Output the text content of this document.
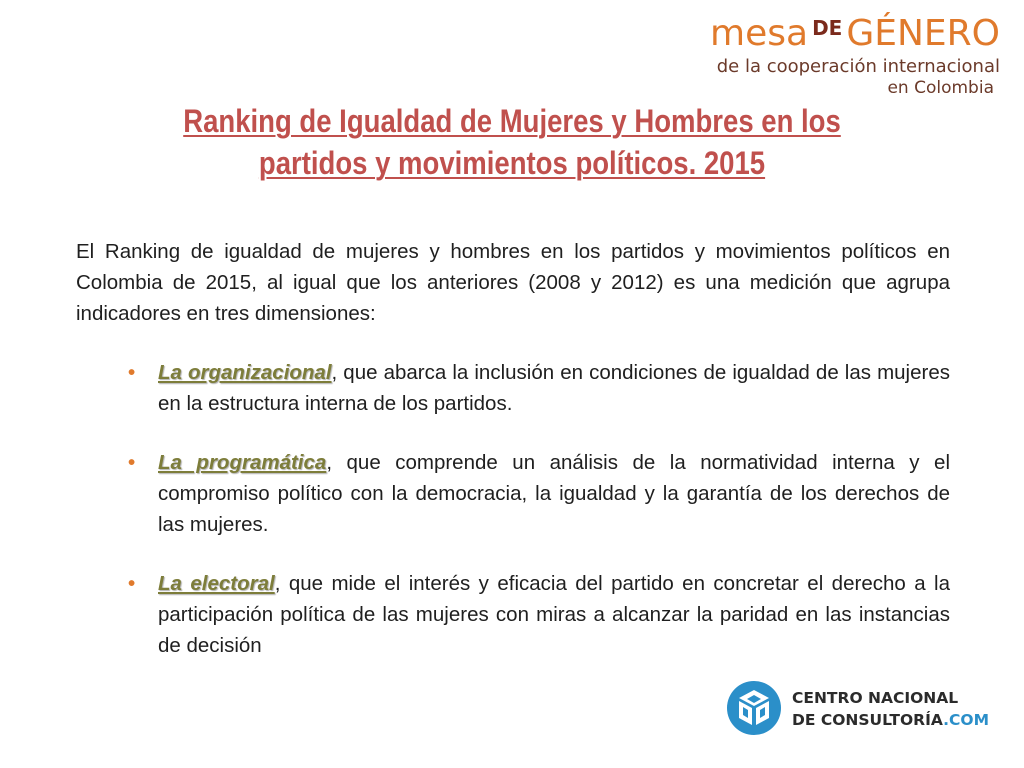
mesa DE GÉNERO
de la cooperación internacional
en Colombia
Ranking de Igualdad de Mujeres y Hombres en los
partidos y movimientos políticos. 2015

El Ranking de igualdad de mujeres y hombres en los partidos y movimientos políticos en Colombia de 2015, al igual que los anteriores (2008 y 2012) es una medición que agrupa indicadores en tres dimensiones:

• La organizacional, que abarca la inclusión en condiciones de igualdad de las mujeres en la estructura interna de los partidos.
• La programática, que comprende un análisis de la normatividad interna y el compromiso político con la democracia, la igualdad y la garantía de los derechos de las mujeres.
• La electoral, que mide el interés y eficacia del partido en concretar el derecho a la participación política de las mujeres con miras a alcanzar la paridad en las instancias de decisión
CENTRO NACIONAL
DE CONSULTORÍA.COM
